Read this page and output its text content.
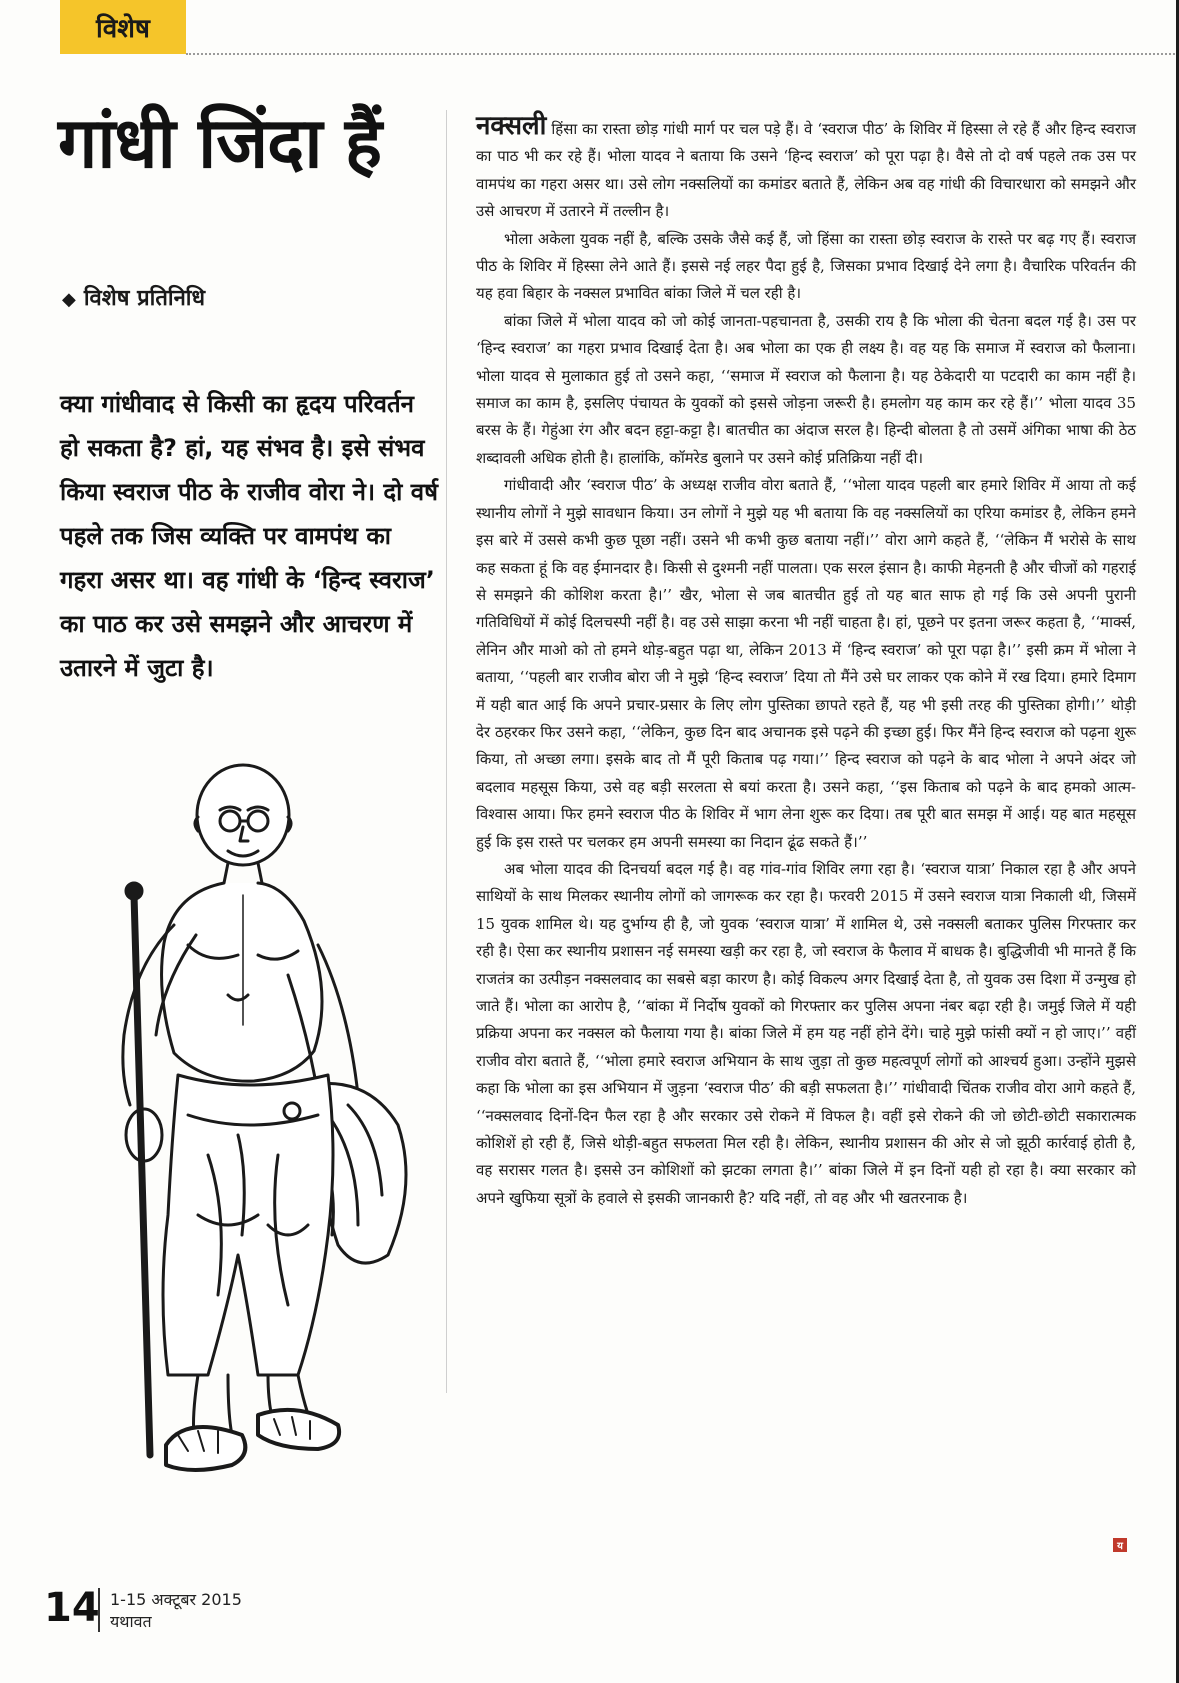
विशेष
गांधी जिंदा हैं
◆ विशेष प्रतिनिधि
क्या गांधीवाद से किसी का हृदय परिवर्तन हो सकता है? हां, यह संभव है। इसे संभव किया स्वराज पीठ के राजीव वोरा ने। दो वर्ष पहले तक जिस व्यक्ति पर वामपंथ का गहरा असर था। वह गांधी के ‘हिन्द स्वराज’ का पाठ कर उसे समझने और आचरण में उतारने में जुटा है।

नक्सली हिंसा का रास्ता छोड़ गांधी मार्ग पर चल पड़े हैं। वे ‘स्वराज पीठ’ के शिविर में हिस्सा ले रहे हैं और हिन्द स्वराज का पाठ भी कर रहे हैं। भोला यादव ने बताया कि उसने ‘हिन्द स्वराज’ को पूरा पढ़ा है। वैसे तो दो वर्ष पहले तक उस पर वामपंथ का गहरा असर था। उसे लोग नक्सलियों का कमांडर बताते हैं, लेकिन अब वह गांधी की विचारधारा को समझने और उसे आचरण में उतारने में तल्लीन है।

भोला अकेला युवक नहीं है, बल्कि उसके जैसे कई हैं, जो हिंसा का रास्ता छोड़ स्वराज के रास्ते पर बढ़ गए हैं। स्वराज पीठ के शिविर में हिस्सा लेने आते हैं। इससे नई लहर पैदा हुई है, जिसका प्रभाव दिखाई देने लगा है। वैचारिक परिवर्तन की यह हवा बिहार के नक्सल प्रभावित बांका जिले में चल रही है।

बांका जिले में भोला यादव को जो कोई जानता-पहचानता है, उसकी राय है कि भोला की चेतना बदल गई है। उस पर ‘हिन्द स्वराज’ का गहरा प्रभाव दिखाई देता है। अब भोला का एक ही लक्ष्य है। वह यह कि समाज में स्वराज को फैलाना। भोला यादव से मुलाकात हुई तो उसने कहा, ‘‘समाज में स्वराज को फैलाना है। यह ठेकेदारी या पटदारी का काम नहीं है। समाज का काम है, इसलिए पंचायत के युवकों को इससे जोड़ना जरूरी है। हमलोग यह काम कर रहे हैं।’’ भोला यादव 35 बरस के हैं। गेहुंआ रंग और बदन हट्टा-कट्टा है। बातचीत का अंदाज सरल है। हिन्दी बोलता है तो उसमें अंगिका भाषा की ठेठ शब्दावली अधिक होती है। हालांकि, कॉमरेड बुलाने पर उसने कोई प्रतिक्रिया नहीं दी।

गांधीवादी और ‘स्वराज पीठ’ के अध्यक्ष राजीव वोरा बताते हैं, ‘‘भोला यादव पहली बार हमारे शिविर में आया तो कई स्थानीय लोगों ने मुझे सावधान किया। उन लोगों ने मुझे यह भी बताया कि वह नक्सलियों का एरिया कमांडर है, लेकिन हमने इस बारे में उससे कभी कुछ पूछा नहीं। उसने भी कभी कुछ बताया नहीं।’’ वोरा आगे कहते हैं, ‘‘लेकिन मैं भरोसे के साथ कह सकता हूं कि वह ईमानदार है। किसी से दुश्मनी नहीं पालता। एक सरल इंसान है। काफी मेहनती है और चीजों को गहराई से समझने की कोशिश करता है।’’ खैर, भोला से जब बातचीत हुई तो यह बात साफ हो गई कि उसे अपनी पुरानी गतिविधियों में कोई दिलचस्पी नहीं है। वह उसे साझा करना भी नहीं चाहता है। हां, पूछने पर इतना जरूर कहता है, ‘‘मार्क्स, लेनिन और माओ को तो हमने थोड़-बहुत पढ़ा था, लेकिन 2013 में ‘हिन्द स्वराज’ को पूरा पढ़ा है।’’ इसी क्रम में भोला ने बताया, ‘‘पहली बार राजीव बोरा जी ने मुझे ‘हिन्द स्वराज’ दिया तो मैंने उसे घर लाकर एक कोने में रख दिया। हमारे दिमाग में यही बात आई कि अपने प्रचार-प्रसार के लिए लोग पुस्तिका छापते रहते हैं, यह भी इसी तरह की पुस्तिका होगी।’’ थोड़ी देर ठहरकर फिर उसने कहा, ‘‘लेकिन, कुछ दिन बाद अचानक इसे पढ़ने की इच्छा हुई। फिर मैंने हिन्द स्वराज को पढ़ना शुरू किया, तो अच्छा लगा। इसके बाद तो मैं पूरी किताब पढ़ गया।’’ हिन्द स्वराज को पढ़ने के बाद भोला ने अपने अंदर जो बदलाव महसूस किया, उसे वह बड़ी सरलता से बयां करता है। उसने कहा, ‘‘इस किताब को पढ़ने के बाद हमको आत्म-विश्वास आया। फिर हमने स्वराज पीठ के शिविर में भाग लेना शुरू कर दिया। तब पूरी बात समझ में आई। यह बात महसूस हुई कि इस रास्ते पर चलकर हम अपनी समस्या का निदान ढूंढ सकते हैं।’’

अब भोला यादव की दिनचर्या बदल गई है। वह गांव-गांव शिविर लगा रहा है। ‘स्वराज यात्रा’ निकाल रहा है और अपने साथियों के साथ मिलकर स्थानीय लोगों को जागरूक कर रहा है। फरवरी 2015 में उसने स्वराज यात्रा निकाली थी, जिसमें 15 युवक शामिल थे। यह दुर्भाग्य ही है, जो युवक ‘स्वराज यात्रा’ में शामिल थे, उसे नक्सली बताकर पुलिस गिरफ्तार कर रही है। ऐसा कर स्थानीय प्रशासन नई समस्या खड़ी कर रहा है, जो स्वराज के फैलाव में बाधक है। बुद्धिजीवी भी मानते हैं कि राजतंत्र का उत्पीड़न नक्सलवाद का सबसे बड़ा कारण है। कोई विकल्प अगर दिखाई देता है, तो युवक उस दिशा में उन्मुख हो जाते हैं। भोला का आरोप है, ‘‘बांका में निर्दोष युवकों को गिरफ्तार कर पुलिस अपना नंबर बढ़ा रही है। जमुई जिले में यही प्रक्रिया अपना कर नक्सल को फैलाया गया है। बांका जिले में हम यह नहीं होने देंगे। चाहे मुझे फांसी क्यों न हो जाए।’’ वहीं राजीव वोरा बताते हैं, ‘‘भोला हमारे स्वराज अभियान के साथ जुड़ा तो कुछ महत्वपूर्ण लोगों को आश्चर्य हुआ। उन्होंने मुझसे कहा कि भोला का इस अभियान में जुड़ना ‘स्वराज पीठ’ की बड़ी सफलता है।’’ गांधीवादी चिंतक राजीव वोरा आगे कहते हैं, ‘‘नक्सलवाद दिनों-दिन फैल रहा है और सरकार उसे रोकने में विफल है। वहीं इसे रोकने की जो छोटी-छोटी सकारात्मक कोशिशें हो रही हैं, जिसे थोड़ी-बहुत सफलता मिल रही है। लेकिन, स्थानीय प्रशासन की ओर से जो झूठी कार्रवाई होती है, वह सरासर गलत है। इससे उन कोशिशों को झटका लगता है।’’ बांका जिले में इन दिनों यही हो रहा है। क्या सरकार को अपने खुफिया सूत्रों के हवाले से इसकी जानकारी है? यदि नहीं, तो वह और भी खतरनाक है।

य
14 1-15 अक्टूबर 2015
यथावत
